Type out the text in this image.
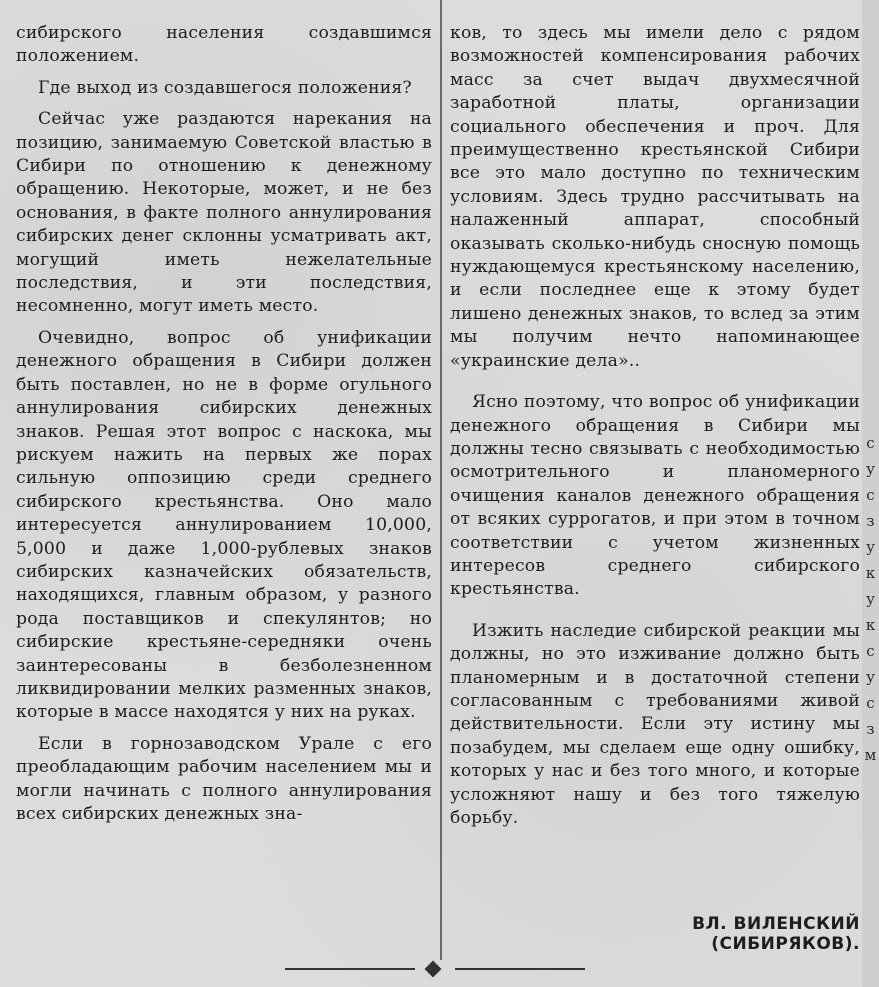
сибирского населения создавшимся положением.

Где выход из создавшегося положения?

Сейчас уже раздаются нарекания на позицию, занимаемую Советской властью в Сибири по отношению к денежному обращению. Некоторые, может, и не без основания, в факте полного аннулирования сибирских денег склонны усматривать акт, могущий иметь нежелательные последствия, и эти последствия, несомненно, могут иметь место.

Очевидно, вопрос об унификации денежного обращения в Сибири должен быть поставлен, но не в форме огульного аннулирования сибирских денежных знаков. Решая этот вопрос с наскока, мы рискуем нажить на первых же порах сильную оппозицию среди среднего сибирского крестьянства. Оно мало интересуется аннулированием 10,000, 5,000 и даже 1,000-рублевых знаков сибирских казначейских обязательств, находящихся, главным образом, у разного рода поставщиков и спекулянтов; но сибирские крестьяне-середняки очень заинтересованы в безболезненном ликвидировании мелких разменных знаков, которые в массе находятся у них на руках.

Если в горнозаводском Урале с его преобладающим рабочим населением мы и могли начинать с полного аннулирования всех сибирских денежных зна-

ков, то здесь мы имели дело с рядом возможностей компенсирования рабочих масс за счет выдач двухмесячной заработной платы, организации социального обеспечения и проч. Для преимущественно крестьянской Сибири все это мало доступно по техническим условиям. Здесь трудно рассчитывать на налаженный аппарат, способный оказывать сколько-нибудь сносную помощь нуждающемуся крестьянскому населению, и если последнее еще к этому будет лишено денежных знаков, то вслед за этим мы получим нечто напоминающее «украинские дела»..

Ясно поэтому, что вопрос об унификации денежного обращения в Сибири мы должны тесно связывать с необходимостью осмотрительного и планомерного очищения каналов денежного обращения от всяких суррогатов, и при этом в точном соответствии с учетом жизненных интересов среднего сибирского крестьянства.

Изжить наследие сибирской реакции мы должны, но это изживание должно быть планомерным и в достаточной степени согласованным с требованиями живой действительности. Если эту истину мы позабудем, мы сделаем еще одну ошибку, которых у нас и без того много, и которые усложняют нашу и без того тяжелую борьбу.

ВЛ. ВИЛЕНСКИЙ (СИБИРЯКОВ).
с
у
с
з
у
к
у
к
с
у
с
з
м
